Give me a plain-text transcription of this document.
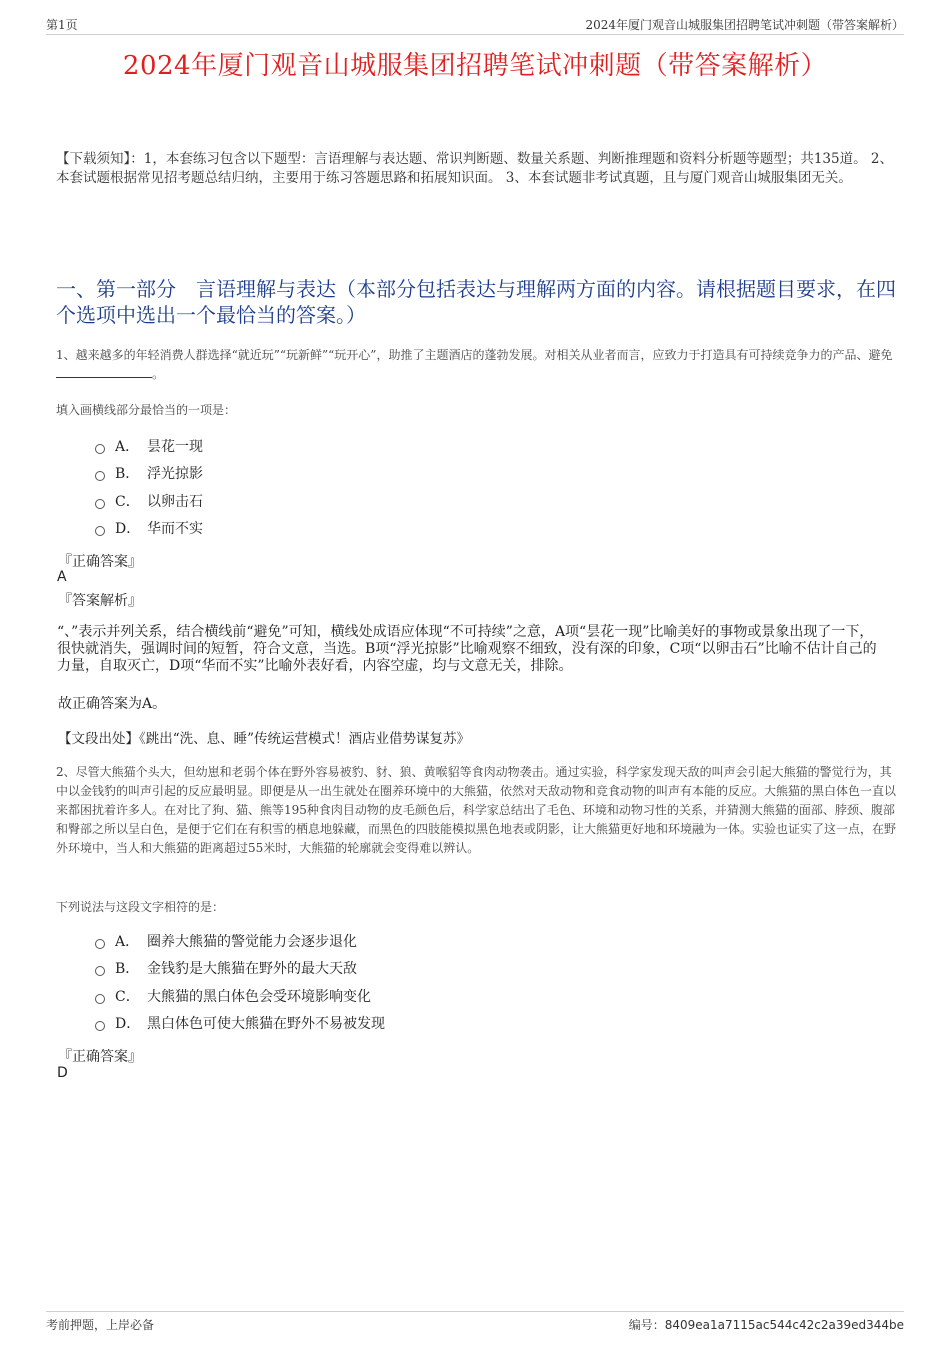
第1页	2024年厦门观音山城服集团招聘笔试冲刺题（带答案解析）
2024年厦门观音山城服集团招聘笔试冲刺题（带答案解析）
【下载须知】：1，本套练习包含以下题型：言语理解与表达题、常识判断题、数量关系题、判断推理题和资料分析题等题型；共135道。 2、本套试题根据常见招考题总结归纳，主要用于练习答题思路和拓展知识面。 3、本套试题非考试真题，且与厦门观音山城服集团无关。
一、第一部分　言语理解与表达（本部分包括表达与理解两方面的内容。请根据题目要求，在四个选项中选出一个最恰当的答案。）
1、越来越多的年轻消费人群选择“就近玩”“玩新鲜”“玩开心”，助推了主题酒店的蓬勃发展。对相关从业者而言，应致力于打造具有可持续竞争力的产品、避免。
填入画横线部分最恰当的一项是：
A． 昙花一现
B． 浮光掠影
C． 以卵击石
D． 华而不实
『正确答案』
A
『答案解析』
“、”表示并列关系，结合横线前“避免”可知，横线处成语应体现“不可持续”之意，A项“昙花一现”比喻美好的事物或景象出现了一下，很快就消失，强调时间的短暂，符合文意，当选。B项“浮光掠影”比喻观察不细致，没有深的印象，C项“以卵击石”比喻不估计自己的力量，自取灭亡，D项“华而不实”比喻外表好看，内容空虚，均与文意无关，排除。
故正确答案为A。
【文段出处】《跳出“洗、息、睡”传统运营模式！酒店业借势谋复苏》
2、尽管大熊猫个头大，但幼崽和老弱个体在野外容易被豹、豺、狼、黄喉貂等食肉动物袭击。通过实验，科学家发现天敌的叫声会引起大熊猫的警觉行为，其中以金钱豹的叫声引起的反应最明显。即便是从一出生就处在圈养环境中的大熊猫，依然对天敌动物和竞食动物的叫声有本能的反应。大熊猫的黑白体色一直以来都困扰着许多人。在对比了狗、猫、熊等195种食肉目动物的皮毛颜色后，科学家总结出了毛色、环境和动物习性的关系，并猜测大熊猫的面部、脖颈、腹部和臀部之所以呈白色，是便于它们在有积雪的栖息地躲藏，而黑色的四肢能模拟黑色地表或阴影，让大熊猫更好地和环境融为一体。实验也证实了这一点，在野外环境中，当人和大熊猫的距离超过55米时，大熊猫的轮廓就会变得难以辨认。
下列说法与这段文字相符的是：
A． 圈养大熊猫的警觉能力会逐步退化
B． 金钱豹是大熊猫在野外的最大天敌
C． 大熊猫的黑白体色会受环境影响变化
D． 黑白体色可使大熊猫在野外不易被发现
『正确答案』
D
考前押题，上岸必备	编号：8409ea1a7115ac544c42c2a39ed344be
